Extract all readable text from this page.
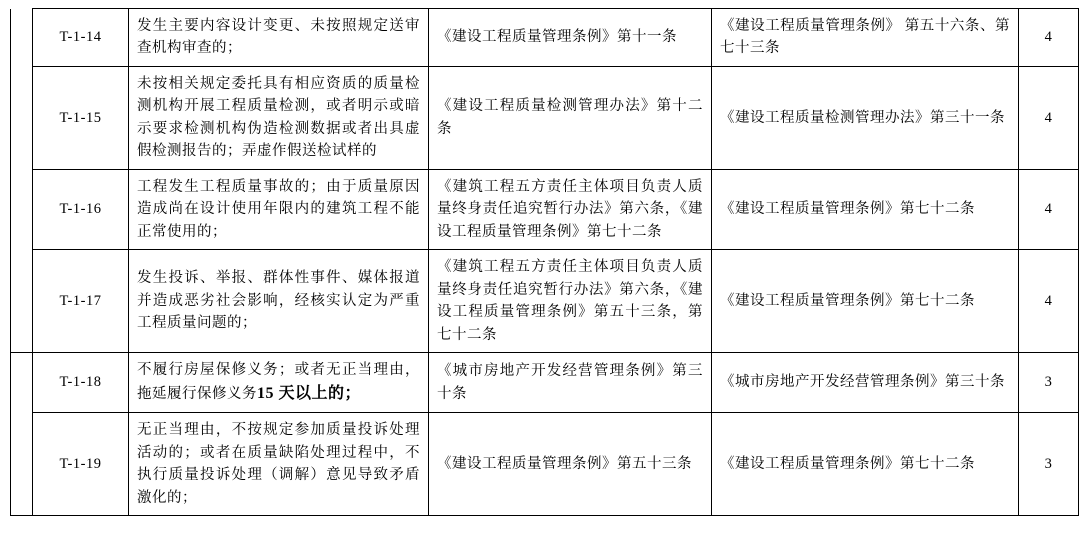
	T-1-14	发生主要内容设计变更、未按照规定送审查机构审查的；	《建设工程质量管理条例》第十一条	《建设工程质量管理条例》 第五十六条、第七十三条	4
	T-1-15	未按相关规定委托具有相应资质的质量检测机构开展工程质量检测，或者明示或暗示要求检测机构伪造检测数据或者出具虚假检测报告的；弄虚作假送检试样的	《建设工程质量检测管理办法》第十二条	《建设工程质量检测管理办法》第三十一条	4
	T-1-16	工程发生工程质量事故的；由于质量原因造成尚在设计使用年限内的建筑工程不能正常使用的；	《建筑工程五方责任主体项目负责人质量终身责任追究暂行办法》第六条，《建设工程质量管理条例》第七十二条	《建设工程质量管理条例》第七十二条	4
	T-1-17	发生投诉、举报、群体性事件、媒体报道并造成恶劣社会影响，经核实认定为严重工程质量问题的；	《建筑工程五方责任主体项目负责人质量终身责任追究暂行办法》第六条，《建设工程质量管理条例》第五十三条，第七十二条	《建设工程质量管理条例》第七十二条	4
	T-1-18	不履行房屋保修义务；或者无正当理由，拖延履行保修义务15 天以上的；	《城市房地产开发经营管理条例》第三十条	《城市房地产开发经营管理条例》第三十条	3
	T-1-19	无正当理由，不按规定参加质量投诉处理活动的；或者在质量缺陷处理过程中，不执行质量投诉处理（调解）意见导致矛盾激化的；	《建设工程质量管理条例》第五十三条	《建设工程质量管理条例》第七十二条	3
